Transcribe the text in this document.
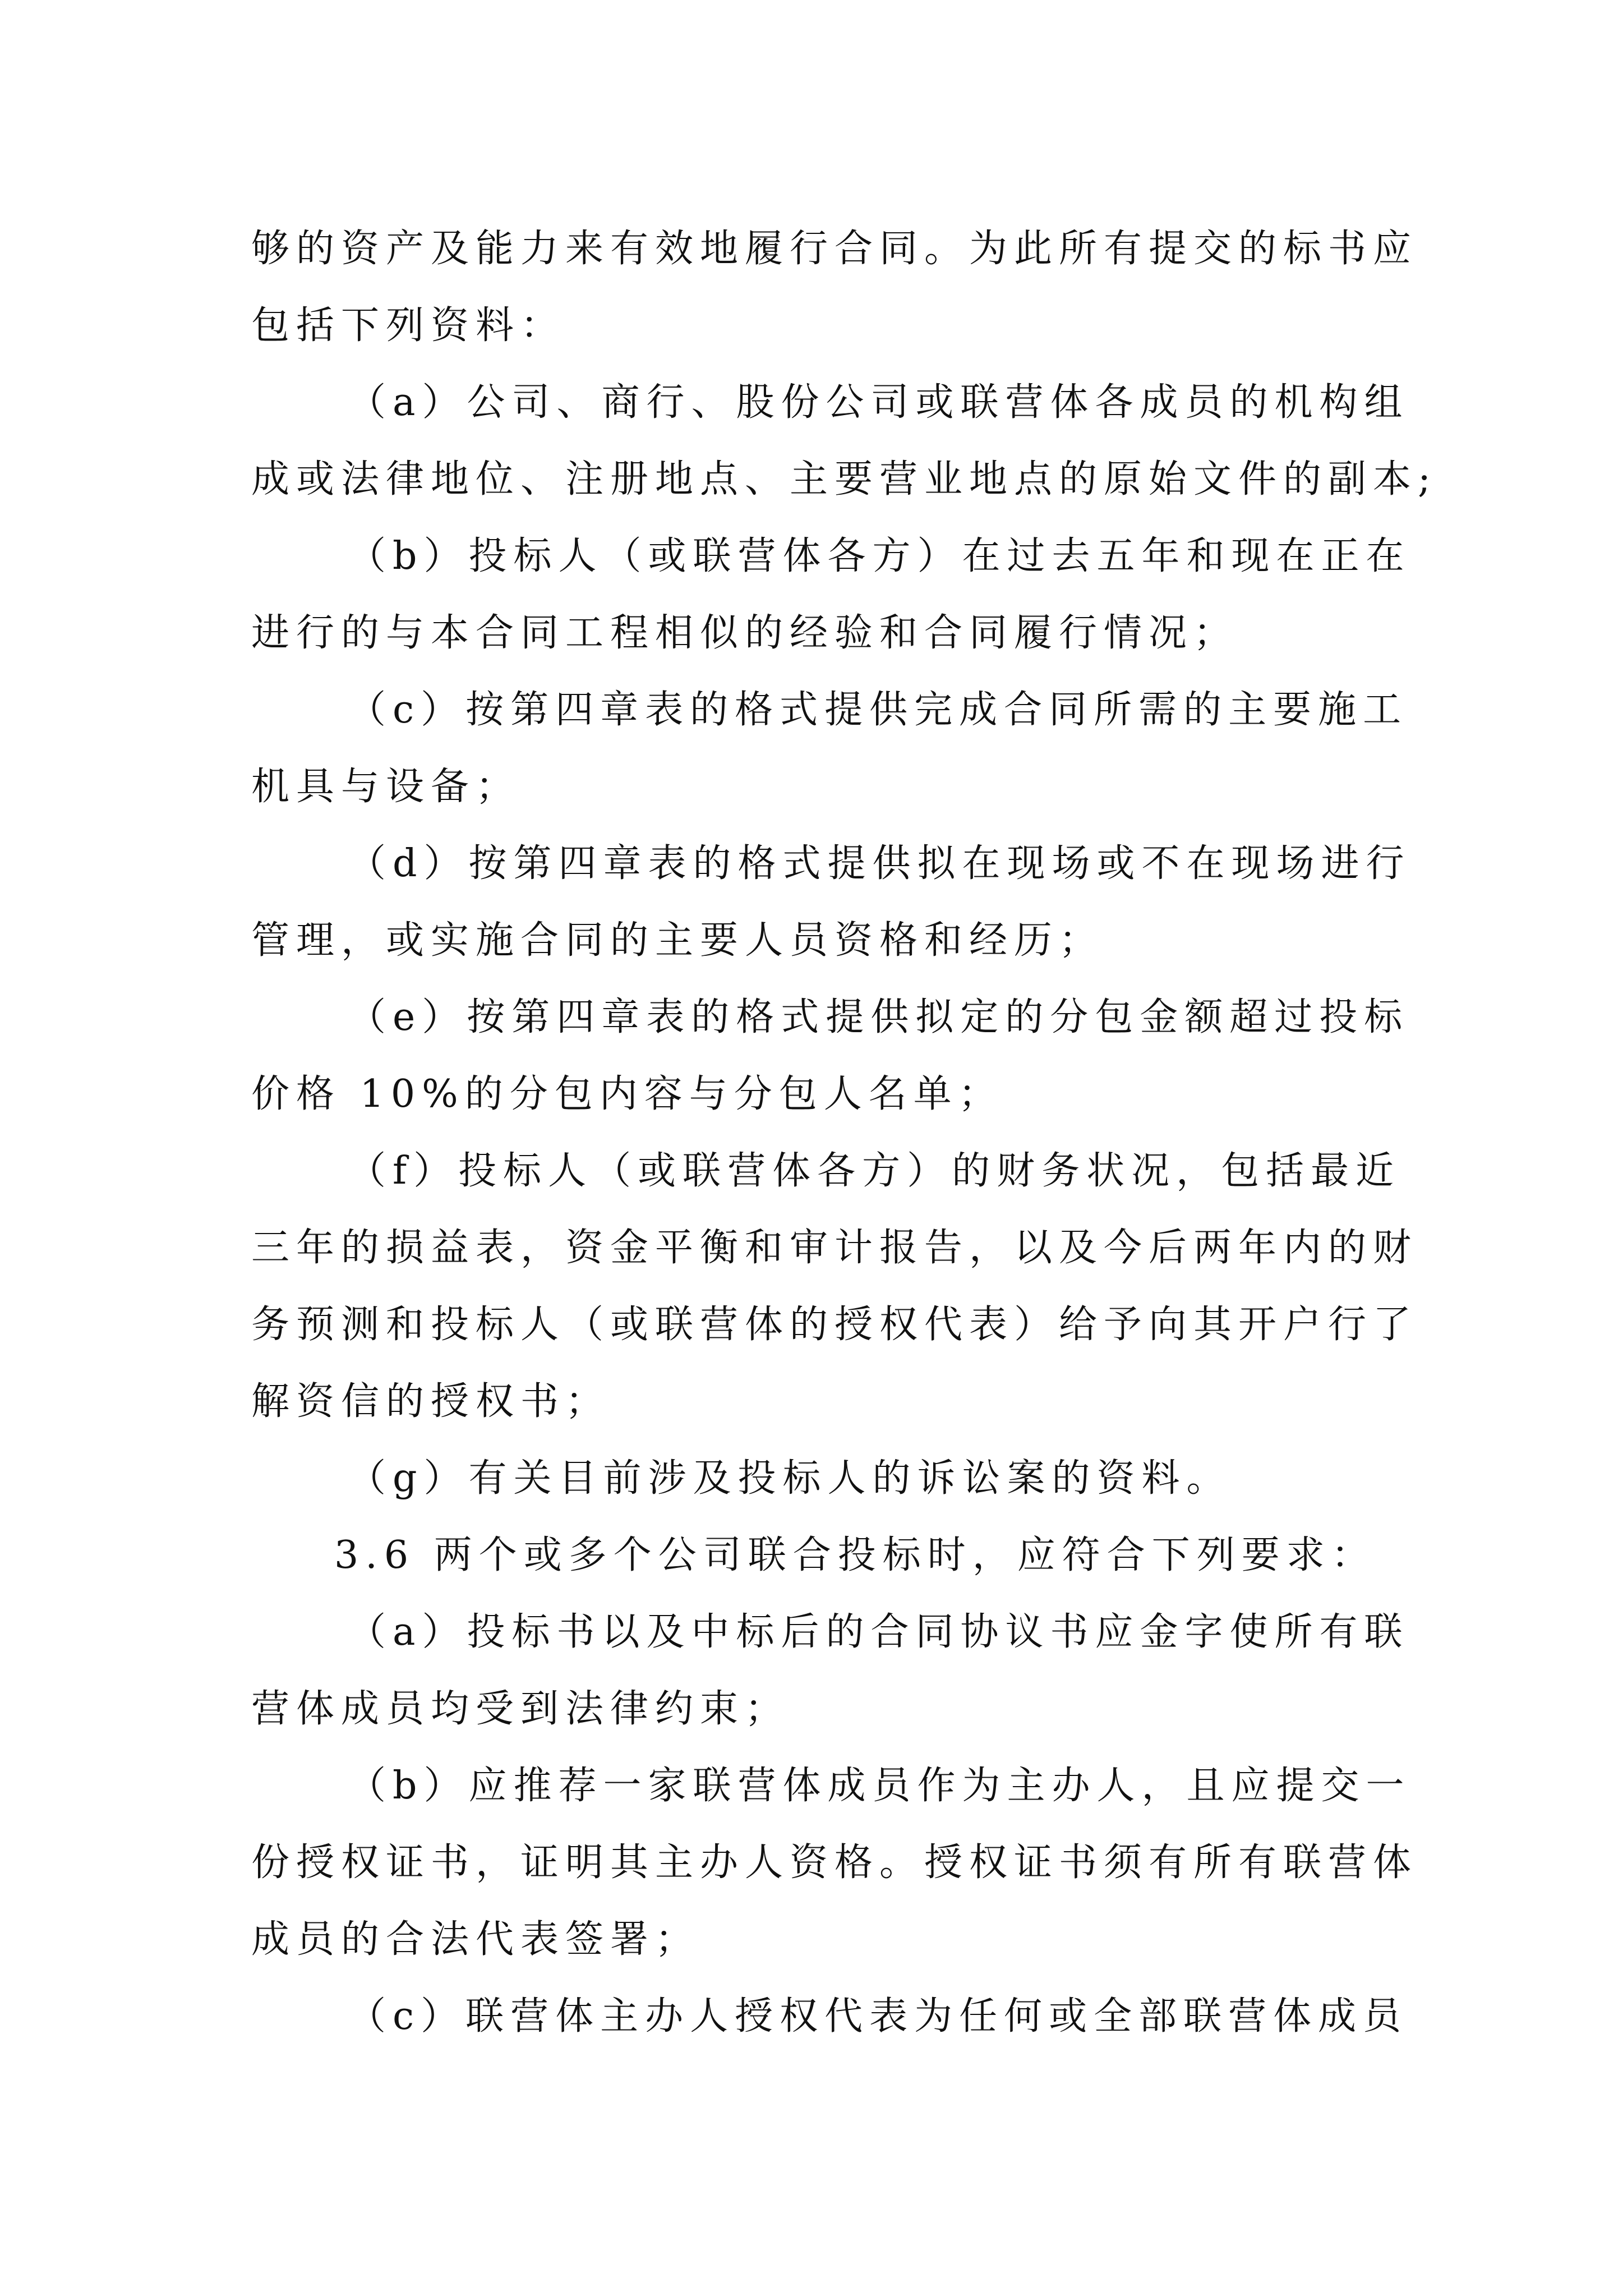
够的资产及能力来有效地履行合同。为此所有提交的标书应
包括下列资料：
（a）公司、商行、股份公司或联营体各成员的机构组
成或法律地位、注册地点、主要营业地点的原始文件的副本;
（b）投标人（或联营体各方）在过去五年和现在正在
进行的与本合同工程相似的经验和合同履行情况；
（c）按第四章表的格式提供完成合同所需的主要施工
机具与设备；
（d）按第四章表的格式提供拟在现场或不在现场进行
管理，或实施合同的主要人员资格和经历；
（e）按第四章表的格式提供拟定的分包金额超过投标
价格 10%的分包内容与分包人名单；
（f）投标人（或联营体各方）的财务状况，包括最近
三年的损益表，资金平衡和审计报告，以及今后两年内的财
务预测和投标人（或联营体的授权代表）给予向其开户行了
解资信的授权书；
（g）有关目前涉及投标人的诉讼案的资料。
3.6 两个或多个公司联合投标时，应符合下列要求：
（a）投标书以及中标后的合同协议书应金字使所有联
营体成员均受到法律约束；
（b）应推荐一家联营体成员作为主办人，且应提交一
份授权证书，证明其主办人资格。授权证书须有所有联营体
成员的合法代表签署；
（c）联营体主办人授权代表为任何或全部联营体成员
